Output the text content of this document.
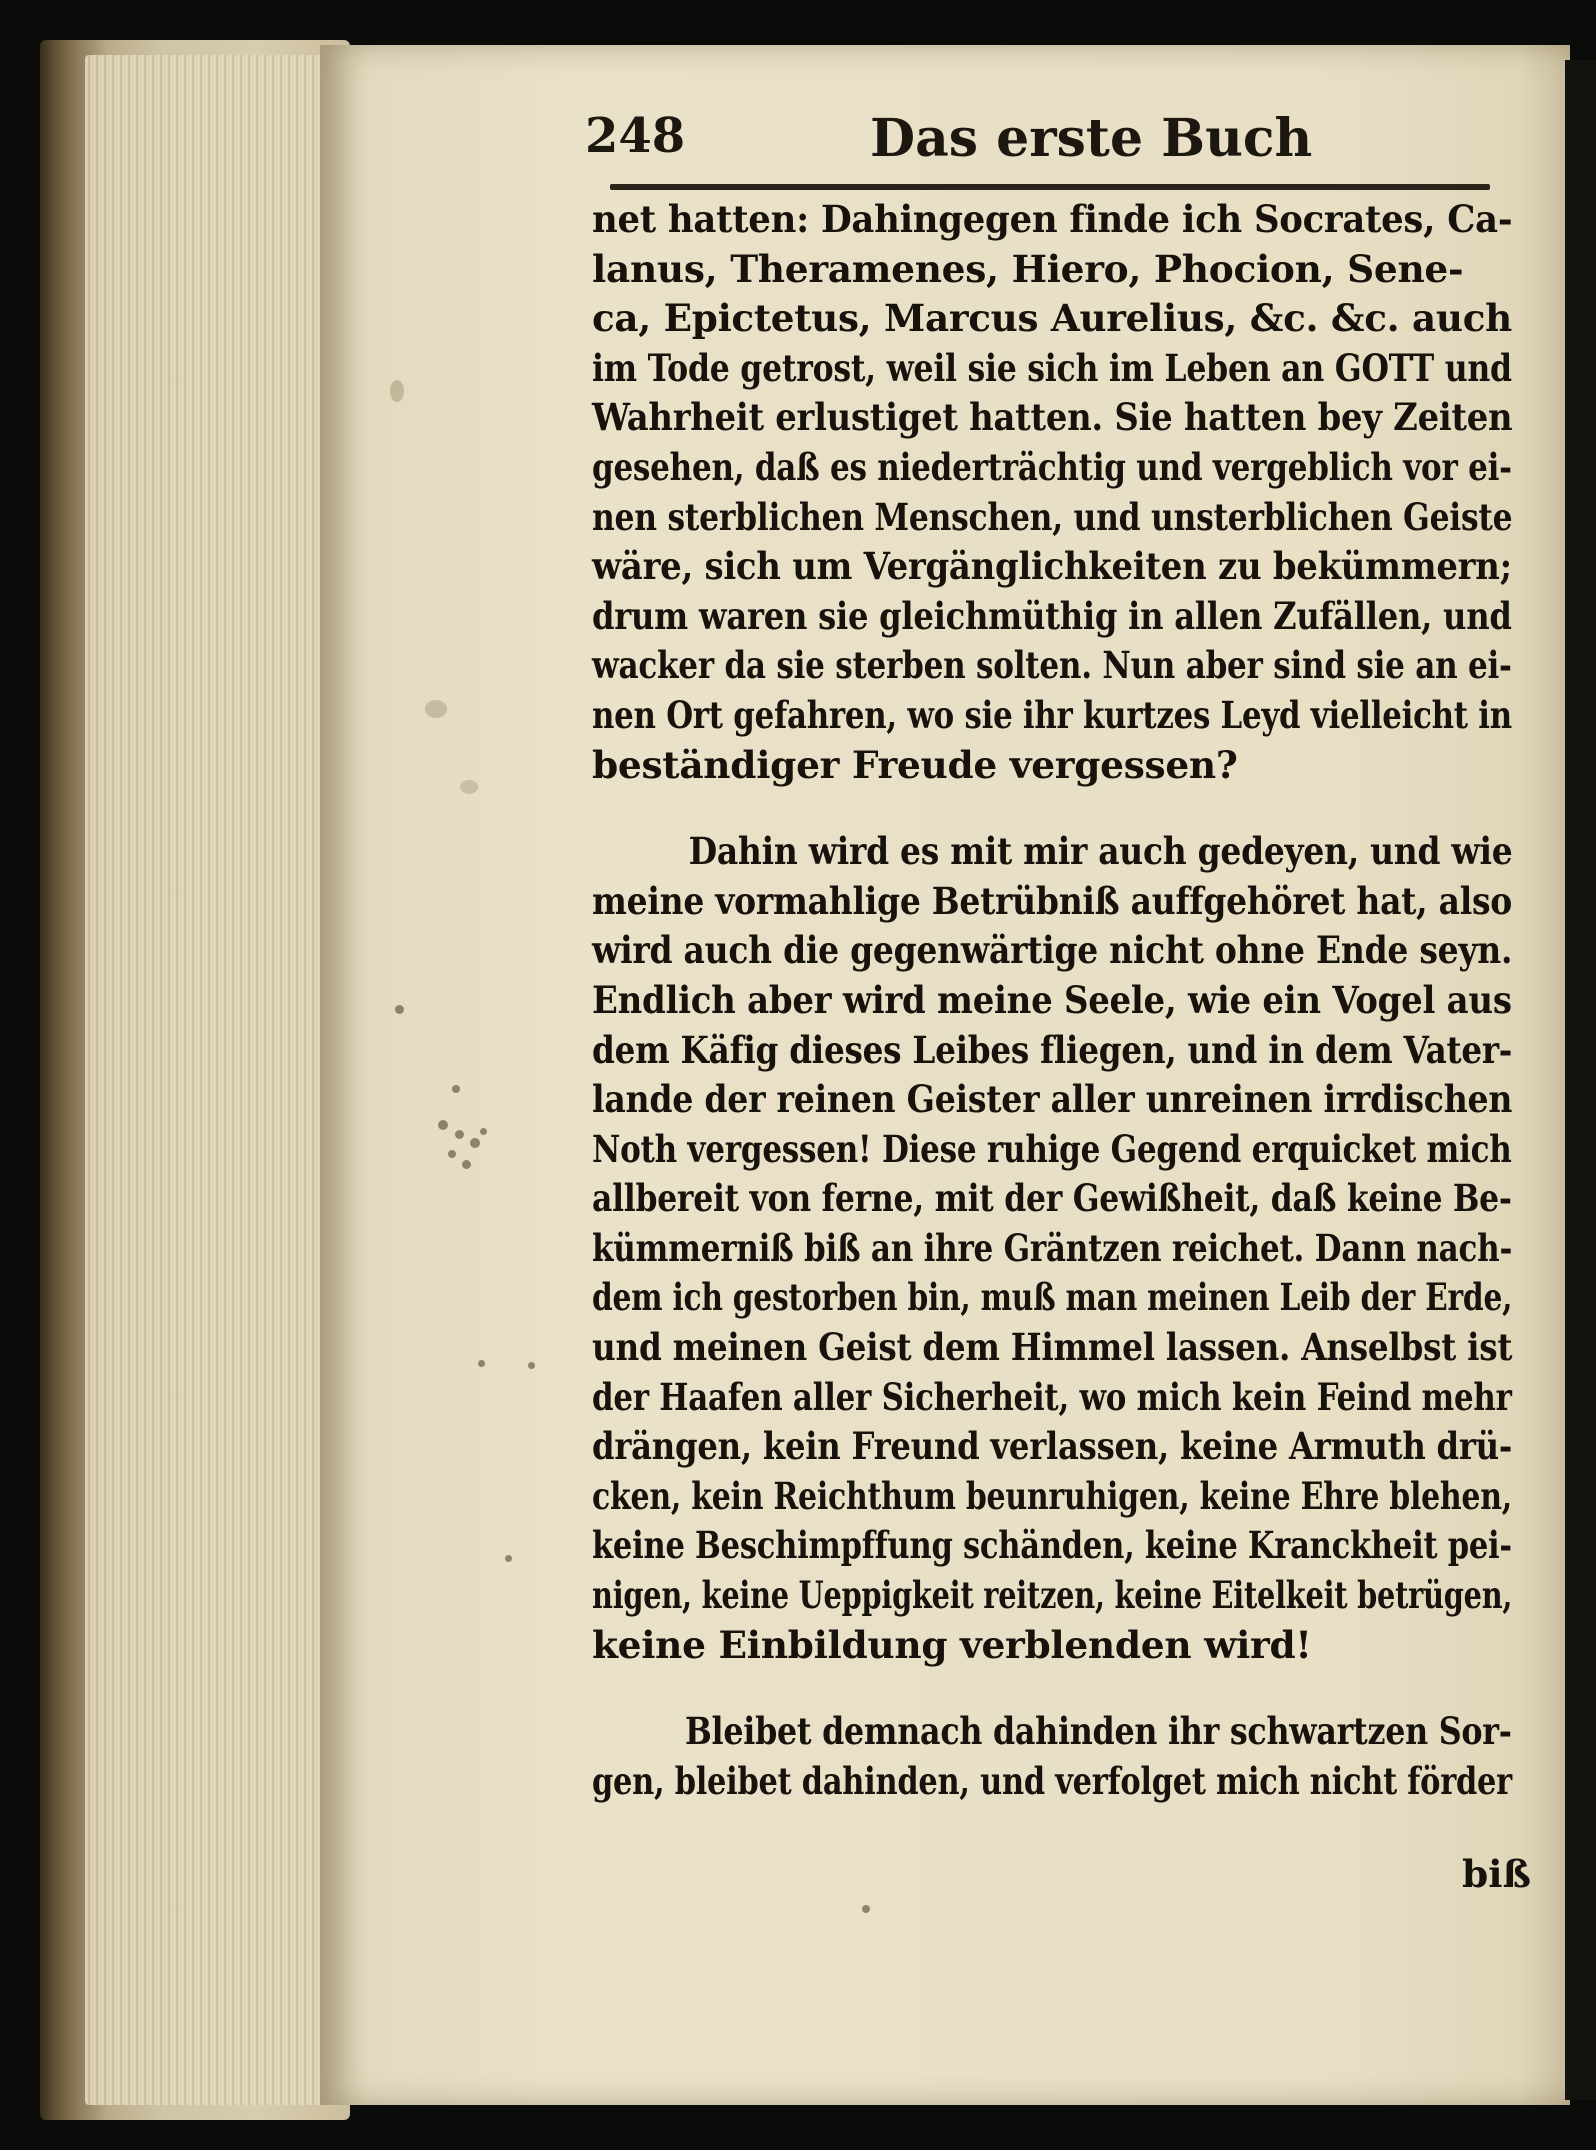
248	Das erste Buch
net hatten: Dahingegen finde ich Socrates, Ca-
lanus, Theramenes, Hiero, Phocion, Sene-
ca, Epictetus, Marcus Aurelius, &c. &c. auch
im Tode getrost, weil sie sich im Leben an GOTT und
Wahrheit erlustiget hatten. Sie hatten bey Zeiten
gesehen, daß es niederträchtig und vergeblich vor ei-
nen sterblichen Menschen, und unsterblichen Geiste
wäre, sich um Vergänglichkeiten zu bekümmern;
drum waren sie gleichmüthig in allen Zufällen, und
wacker da sie sterben solten. Nun aber sind sie an ei-
nen Ort gefahren, wo sie ihr kurtzes Leyd vielleicht in
beständiger Freude vergessen?
Dahin wird es mit mir auch gedeyen, und wie
meine vormahlige Betrübniß auffgehöret hat, also
wird auch die gegenwärtige nicht ohne Ende seyn.
Endlich aber wird meine Seele, wie ein Vogel aus
dem Käfig dieses Leibes fliegen, und in dem Vater-
lande der reinen Geister aller unreinen irrdischen
Noth vergessen! Diese ruhige Gegend erquicket mich
allbereit von ferne, mit der Gewißheit, daß keine Be-
kümmerniß biß an ihre Gräntzen reichet. Dann nach-
dem ich gestorben bin, muß man meinen Leib der Erde,
und meinen Geist dem Himmel lassen. Anselbst ist
der Haafen aller Sicherheit, wo mich kein Feind mehr
drängen, kein Freund verlassen, keine Armuth drü-
cken, kein Reichthum beunruhigen, keine Ehre blehen,
keine Beschimpffung schänden, keine Kranckheit pei-
nigen, keine Ueppigkeit reitzen, keine Eitelkeit betrügen,
keine Einbildung verblenden wird!
Bleibet demnach dahinden ihr schwartzen Sor-
gen, bleibet dahinden, und verfolget mich nicht förder
biß
